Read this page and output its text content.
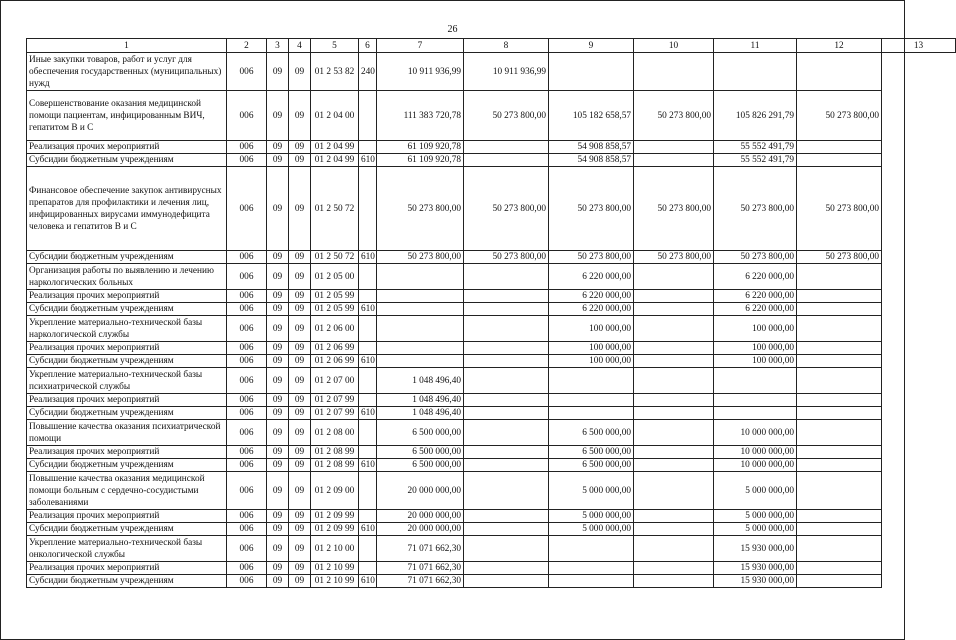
26
1	2	3	4	5	6	7	8	9	10	11	12	13
Иные закупки товаров, работ и услуг для обеспечения государственных (муниципальных) нужд	006	09	09	01 2 53 82	240	10 911 936,99	10 911 936,99					
Совершенствование оказания медицинской помощи пациентам, инфицированным ВИЧ, гепатитом В и С	006	09	09	01 2 04 00		111 383 720,78	50 273 800,00	105 182 658,57	50 273 800,00	105 826 291,79	50 273 800,00	
Реализация прочих мероприятий	006	09	09	01 2 04 99		61 109 920,78		54 908 858,57		55 552 491,79		
Субсидии бюджетным учреждениям	006	09	09	01 2 04 99	610	61 109 920,78		54 908 858,57		55 552 491,79		
Финансовое обеспечение закупок антивирусных препаратов для профилактики и лечения лиц, инфицированных вирусами иммунодефицита человека и гепатитов В и С	006	09	09	01 2 50 72		50 273 800,00	50 273 800,00	50 273 800,00	50 273 800,00	50 273 800,00	50 273 800,00	
Субсидии бюджетным учреждениям	006	09	09	01 2 50 72	610	50 273 800,00	50 273 800,00	50 273 800,00	50 273 800,00	50 273 800,00	50 273 800,00	
Организация работы по выявлению и лечению наркологических больных	006	09	09	01 2 05 00				6 220 000,00		6 220 000,00		
Реализация прочих мероприятий	006	09	09	01 2 05 99				6 220 000,00		6 220 000,00		
Субсидии бюджетным учреждениям	006	09	09	01 2 05 99	610			6 220 000,00		6 220 000,00		
Укрепление материально-технической базы наркологической службы	006	09	09	01 2 06 00				100 000,00		100 000,00		
Реализация прочих мероприятий	006	09	09	01 2 06 99				100 000,00		100 000,00		
Субсидии бюджетным учреждениям	006	09	09	01 2 06 99	610			100 000,00		100 000,00		
Укрепление материально-технической базы психиатрической службы	006	09	09	01 2 07 00		1 048 496,40						
Реализация прочих мероприятий	006	09	09	01 2 07 99		1 048 496,40						
Субсидии бюджетным учреждениям	006	09	09	01 2 07 99	610	1 048 496,40						
Повышение качества оказания психиатрической помощи	006	09	09	01 2 08 00		6 500 000,00		6 500 000,00		10 000 000,00		
Реализация прочих мероприятий	006	09	09	01 2 08 99		6 500 000,00		6 500 000,00		10 000 000,00		
Субсидии бюджетным учреждениям	006	09	09	01 2 08 99	610	6 500 000,00		6 500 000,00		10 000 000,00		
Повышение качества оказания медицинской помощи больным с сердечно-сосудистыми заболеваниями	006	09	09	01 2 09 00		20 000 000,00		5 000 000,00		5 000 000,00		
Реализация прочих мероприятий	006	09	09	01 2 09 99		20 000 000,00		5 000 000,00		5 000 000,00		
Субсидии бюджетным учреждениям	006	09	09	01 2 09 99	610	20 000 000,00		5 000 000,00		5 000 000,00		
Укрепление материально-технической базы онкологической службы	006	09	09	01 2 10 00		71 071 662,30				15 930 000,00		
Реализация прочих мероприятий	006	09	09	01 2 10 99		71 071 662,30				15 930 000,00		
Субсидии бюджетным учреждениям	006	09	09	01 2 10 99	610	71 071 662,30				15 930 000,00		
